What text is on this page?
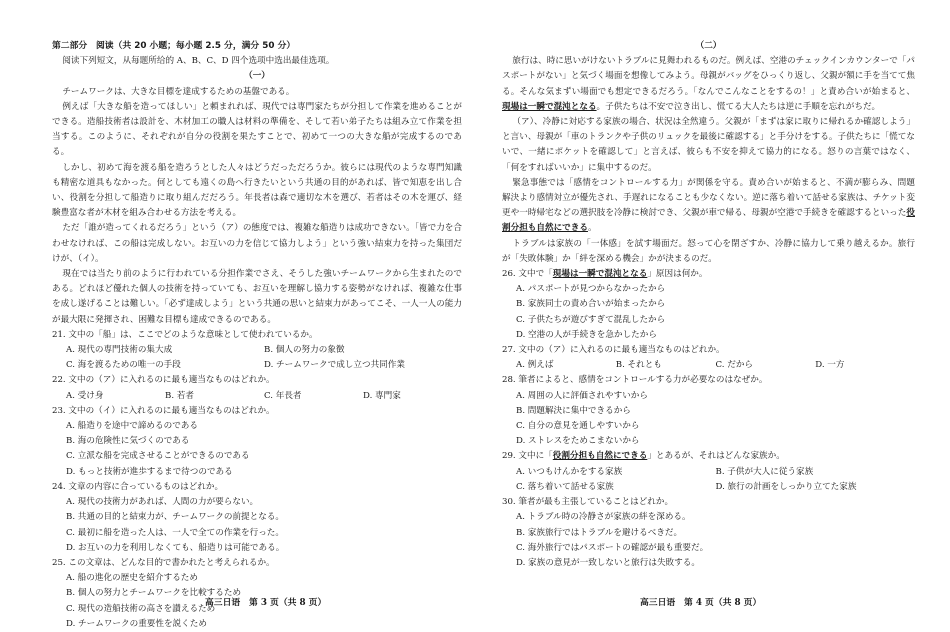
第二部分　阅读（共 20 小题；每小题 2.5 分，满分 50 分）

阅读下列短文，从每题所给的 A、B、C、D 四个选项中选出最佳选项。

（一）

チームワークは、大きな目標を達成するための基盤である。

例えば「大きな船を造ってほしい」と頼まれれば、現代では専門家たちが分担して作業を進めることができる。造船技術者は設計を、木材加工の職人は材料の準備を、そして若い弟子たちは組み立て作業を担当する。このように、それぞれが自分の役割を果たすことで、初めて一つの大きな船が完成するのである。

しかし、初めて海を渡る船を造ろうとした人々はどうだっただろうか。彼らには現代のような専門知識も精密な道具もなかった。何としても遠くの島へ行きたいという共通の目的があれば、皆で知恵を出し合い、役割を分担して船造りに取り組んだだろう。年長者は森で適切な木を選び、若者はその木を運び、経験豊富な者が木材を組み合わせる方法を考える。

ただ「誰が造ってくれるだろう」という（ア）の態度では、複雑な船造りは成功できない。「皆で力を合わせなければ、この船は完成しない。お互いの力を信じて協力しよう」という強い結束力を持った集団だけが、（イ）。

現在では当たり前のように行われている分担作業でさえ、そうした強いチームワークから生まれたのである。どれほど優れた個人の技術を持っていても、お互いを理解し協力する姿勢がなければ、複雑な仕事を成し遂げることは難しい。「必ず達成しよう」という共通の思いと結束力があってこそ、一人一人の能力が最大限に発揮され、困難な目標も達成できるのである。

21. 文中の「船」は、ここでどのような意味として使われているか。

A. 現代の専門技術の集大成	B. 個人の努力の象徴
C. 海を渡るための唯一の手段	D. チームワークで成し立つ共同作業

22. 文中の（ア）に入れるのに最も適当なものはどれか。

A. 受け身	B. 若者	C. 年長者	D. 専門家

23. 文中の（イ）に入れるのに最も適当なものはどれか。

A. 船造りを途中で諦めるのである

B. 海の危険性に気づくのである

C. 立派な船を完成させることができるのである

D. もっと技術が進歩するまで待つのである

24. 文章の内容に合っているものはどれか。

A. 現代の技術力があれば、人間の力が要らない。

B. 共通の目的と結束力が、チームワークの前提となる。

C. 最初に船を造った人は、一人で全ての作業を行った。

D. お互いの力を利用しなくても、船造りは可能である。

25. この文章は、どんな目的で書かれたと考えられるか。

A. 船の進化の歴史を紹介するため

B. 個人の努力とチームワークを比較するため

C. 現代の造船技術の高さを讃えるため

D. チームワークの重要性を説くため

（二）

旅行は、時に思いがけないトラブルに見舞われるものだ。例えば、空港のチェックインカウンターで「パスポートがない」と気づく場面を想像してみよう。母親がバッグをひっくり返し、父親が額に手を当てて焦る。そんな気まずい場面でも想定できるだろう。「なんでこんなことをするの！」と責め合いが始まると、現場は一瞬で混沌となる。子供たちは不安で泣き出し、慌てる大人たちは逆に手順を忘れがちだ。

（ア）、冷静に対応する家族の場合、状況は全然違う。父親が「まずは家に取りに帰れるか確認しよう」と言い、母親が「車のトランクや子供のリュックを最後に確認する」と手分けをする。子供たちに「慌てないで、一緒にポケットを確認して」と言えば、彼らも不安を抑えて協力的になる。怒りの言葉ではなく、「何をすればいいか」に集中するのだ。

緊急事態では「感情をコントロールする力」が関係を守る。責め合いが始まると、不満が膨らみ、問題解決より感情対立が優先され、手遅れになることも少なくない。逆に落ち着いて話せる家族は、チケット変更や一時帰宅などの選択肢を冷静に検討でき、父親が車で帰る、母親が空港で手続きを確認するといった役割分担も自然にできる。

トラブルは家族の「一体感」を試す場面だ。怒って心を閉ざすか、冷静に協力して乗り越えるか。旅行が「失敗体験」か「絆を深める機会」かが決まるのだ。

26. 文中で「現場は一瞬で混沌となる」原因は何か。

A. パスポートが見つからなかったから

B. 家族同士の責め合いが始まったから

C. 子供たちが遊びすぎて混乱したから

D. 空港の人が手続きを急かしたから

27. 文中の（ア）に入れるのに最も適当なものはどれか。

A. 例えば	B. それとも	C. だから	D. 一方

28. 筆者によると、感情をコントロールする力が必要なのはなぜか。

A. 周囲の人に評価されやすいから

B. 問題解決に集中できるから

C. 自分の意見を通しやすいから

D. ストレスをためこまないから

29. 文中に「役割分担も自然にできる」とあるが、それはどんな家族か。

A. いつもけんかをする家族	B. 子供が大人に従う家族
C. 落ち着いて話せる家族	D. 旅行の計画をしっかり立てた家族

30. 筆者が最も主張していることはどれか。

A. トラブル時の冷静さが家族の絆を深める。

B. 家族旅行ではトラブルを避けるべきだ。

C. 海外旅行ではパスポートの確認が最も重要だ。

D. 家族の意見が一致しないと旅行は失敗する。

高三日语　第 3 页（共 8 页）	高三日语　第 4 页（共 8 页）
